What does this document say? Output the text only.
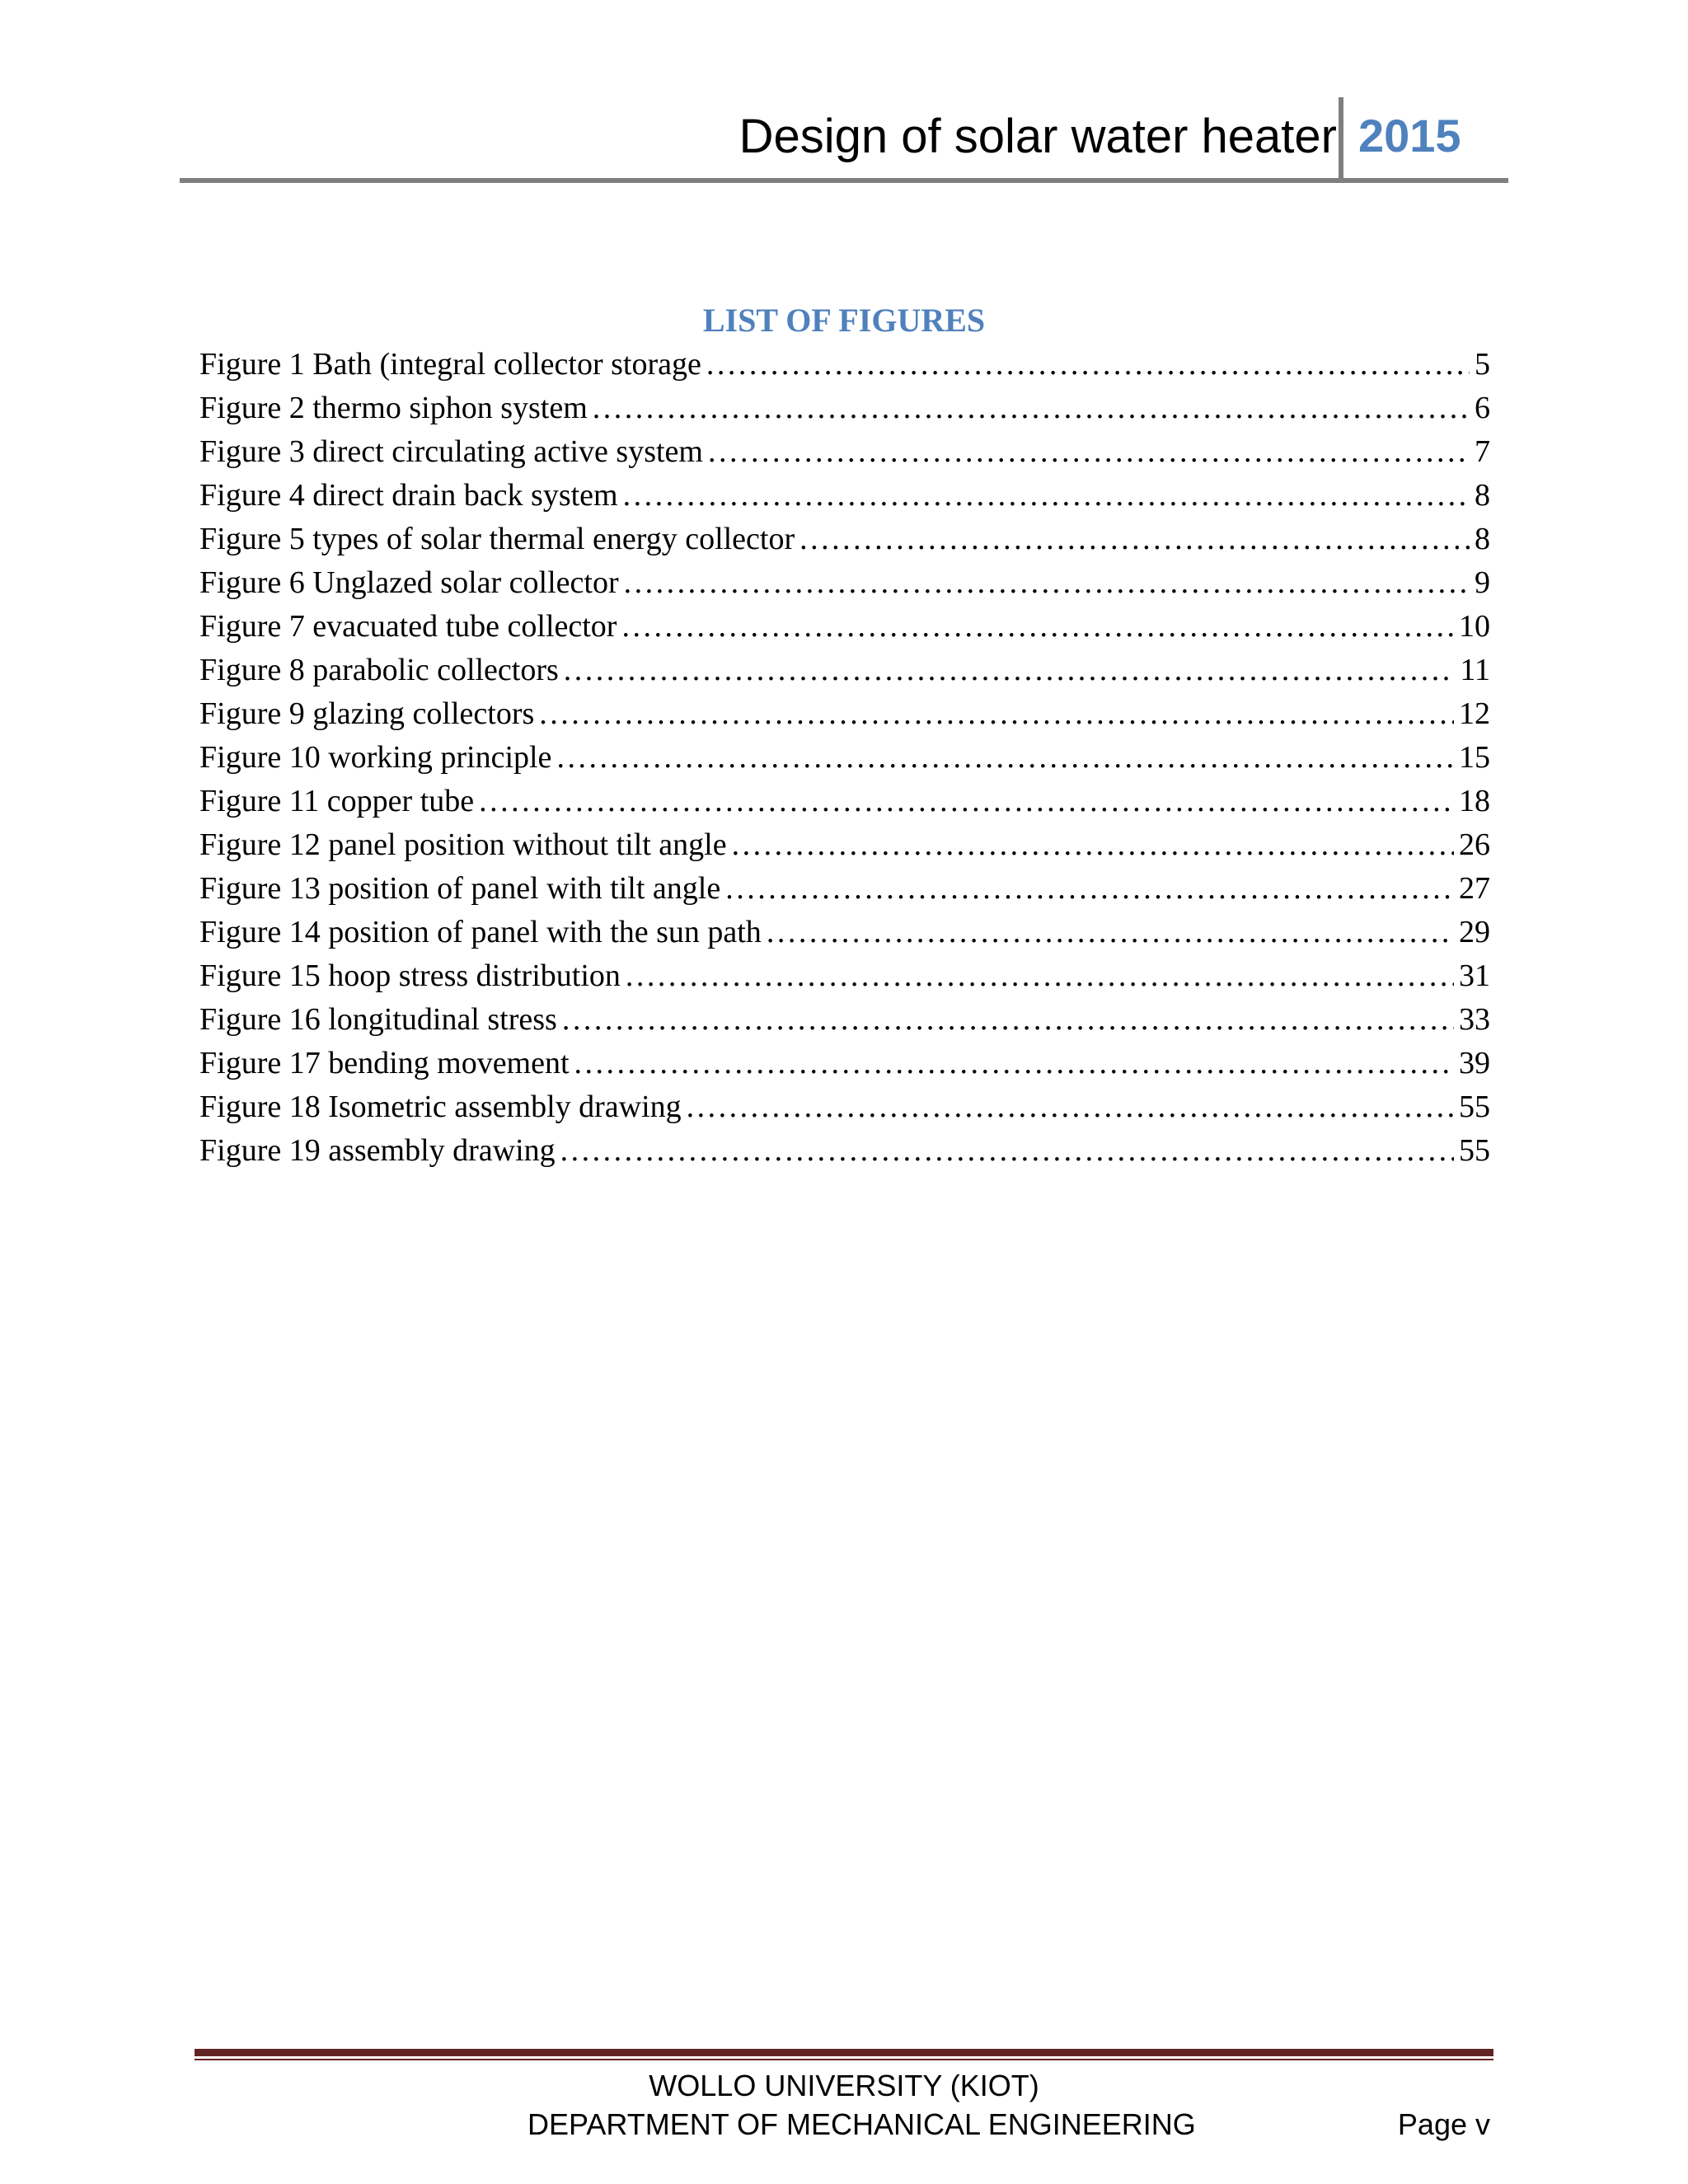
Design of solar water heater 2015
LIST OF FIGURES
Figure 1 Bath (integral collector storage . . .	5
Figure 2 thermo siphon system . . .	6
Figure 3 direct circulating active system . . .	7
Figure 4 direct drain back system . . .	8
Figure 5 types of solar thermal energy collector . . .	8
Figure 6 Unglazed solar collector . . .	9
Figure 7 evacuated tube collector . . .	10
Figure 8 parabolic collectors . . .	11
Figure 9 glazing collectors . . .	12
Figure 10 working principle . . .	15
Figure 11 copper tube . . .	18
Figure 12 panel position without tilt angle . . .	26
Figure 13 position of panel with tilt angle . . .	27
Figure 14 position of panel with the sun path . . .	29
Figure 15 hoop stress distribution . . .	31
Figure 16 longitudinal stress . . .	33
Figure 17 bending movement . . .	39
Figure 18 Isometric assembly drawing . . .	55
Figure 19 assembly drawing . . .	55
WOLLO UNIVERSITY (KIOT)
DEPARTMENT OF MECHANICAL ENGINEERING	Page v
